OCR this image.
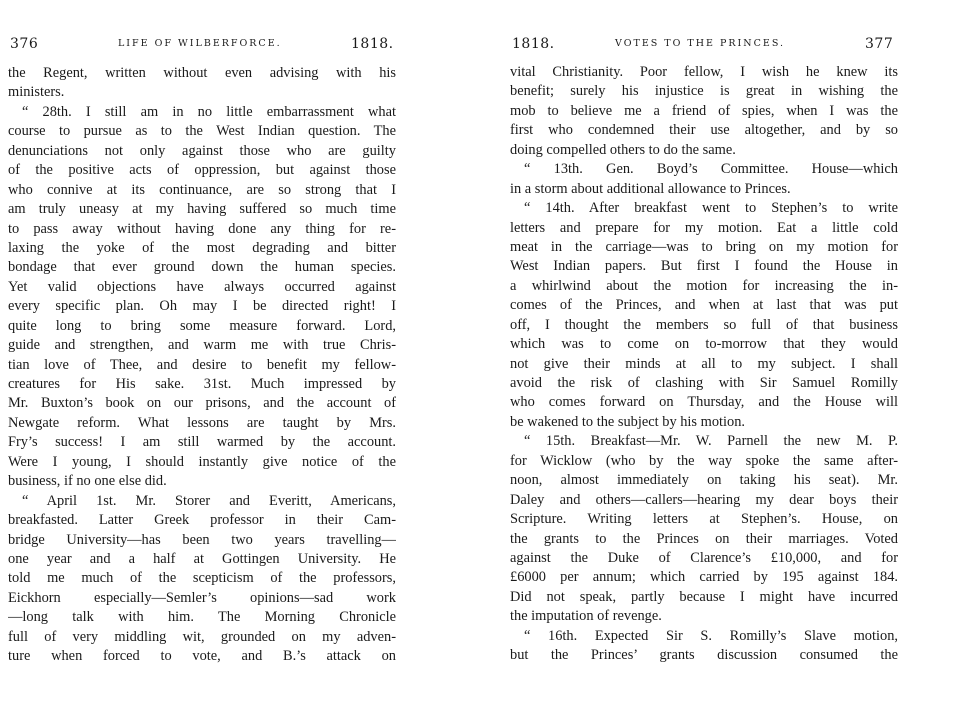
376	LIFE OF WILBERFORCE.	1818.
the Regent, written without even advising with his
ministers.
“ 28th. I still am in no little embarrassment what
course to pursue as to the West Indian question. The
denunciations not only against those who are guilty
of the positive acts of oppression, but against those
who connive at its continuance, are so strong that I
am truly uneasy at my having suffered so much time
to pass away without having done any thing for re-
laxing the yoke of the most degrading and bitter
bondage that ever ground down the human species.
Yet valid objections have always occurred against
every specific plan. Oh may I be directed right! I
quite long to bring some measure forward. Lord,
guide and strengthen, and warm me with true Chris-
tian love of Thee, and desire to benefit my fellow-
creatures for His sake. 31st. Much impressed by
Mr. Buxton’s book on our prisons, and the account of
Newgate reform. What lessons are taught by Mrs.
Fry’s success! I am still warmed by the account.
Were I young, I should instantly give notice of the
business, if no one else did.
“ April 1st. Mr. Storer and Everitt, Americans,
breakfasted. Latter Greek professor in their Cam-
bridge University—has been two years travelling—
one year and a half at Gottingen University. He
told me much of the scepticism of the professors,
Eickhorn especially—Semler’s opinions—sad work
—long talk with him. The Morning Chronicle
full of very middling wit, grounded on my adven-
ture when forced to vote, and B.’s attack on
1818.	VOTES TO THE PRINCES.	377
vital Christianity. Poor fellow, I wish he knew its
benefit; surely his injustice is great in wishing the
mob to believe me a friend of spies, when I was the
first who condemned their use altogether, and by so
doing compelled others to do the same.
“ 13th. Gen. Boyd’s Committee. House—which
in a storm about additional allowance to Princes.
“ 14th. After breakfast went to Stephen’s to write
letters and prepare for my motion. Eat a little cold
meat in the carriage—was to bring on my motion for
West Indian papers. But first I found the House in
a whirlwind about the motion for increasing the in-
comes of the Princes, and when at last that was put
off, I thought the members so full of that business
which was to come on to-morrow that they would
not give their minds at all to my subject. I shall
avoid the risk of clashing with Sir Samuel Romilly
who comes forward on Thursday, and the House will
be wakened to the subject by his motion.
“ 15th. Breakfast—Mr. W. Parnell the new M. P.
for Wicklow (who by the way spoke the same after-
noon, almost immediately on taking his seat). Mr.
Daley and others—callers—hearing my dear boys their
Scripture. Writing letters at Stephen’s. House, on
the grants to the Princes on their marriages. Voted
against the Duke of Clarence’s £10,000, and for
£6000 per annum; which carried by 195 against 184.
Did not speak, partly because I might have incurred
the imputation of revenge.
“ 16th. Expected Sir S. Romilly’s Slave motion,
but the Princes’ grants discussion consumed the
